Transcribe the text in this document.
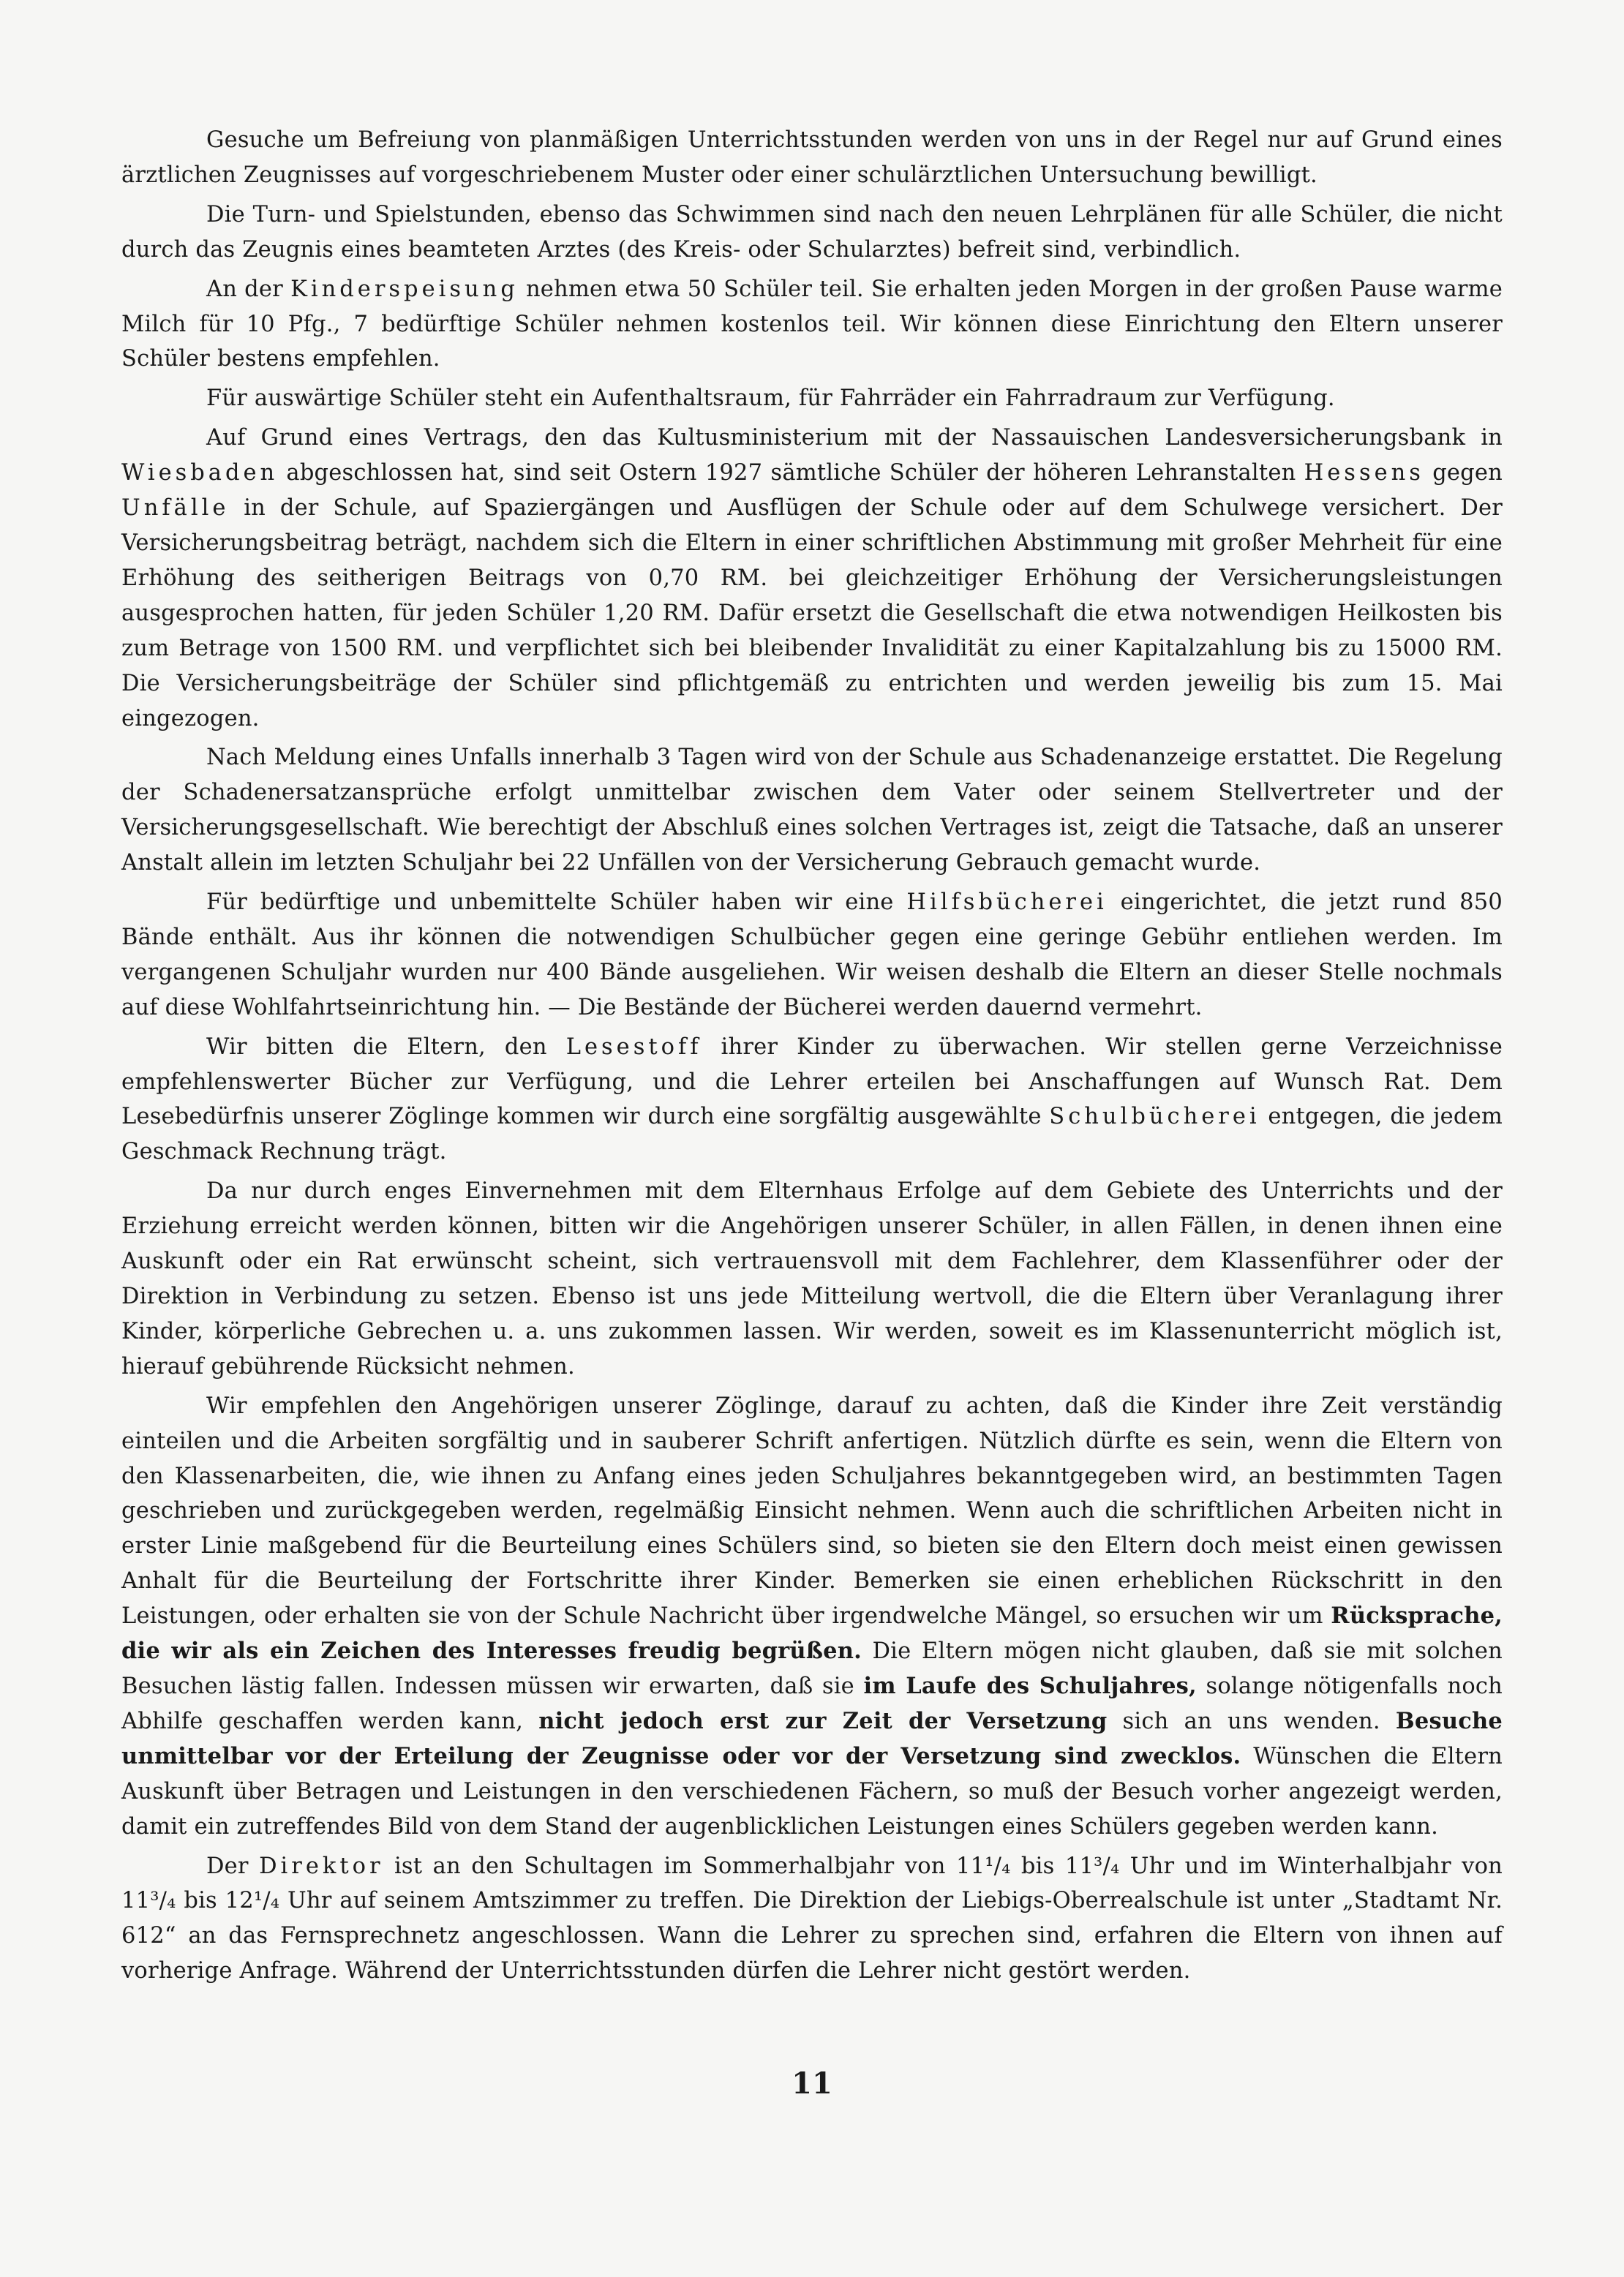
Gesuche um Befreiung von planmäßigen Unterrichtsstunden werden von uns in der Regel nur auf Grund eines ärztlichen Zeugnisses auf vorgeschriebenem Muster oder einer schulärztlichen Untersuchung bewilligt.

Die Turn- und Spielstunden, ebenso das Schwimmen sind nach den neuen Lehrplänen für alle Schüler, die nicht durch das Zeugnis eines beamteten Arztes (des Kreis- oder Schularztes) befreit sind, verbindlich.

An der Kinderspeisung nehmen etwa 50 Schüler teil. Sie erhalten jeden Morgen in der großen Pause warme Milch für 10 Pfg., 7 bedürftige Schüler nehmen kostenlos teil. Wir können diese Einrichtung den Eltern unserer Schüler bestens empfehlen.

Für auswärtige Schüler steht ein Aufenthaltsraum, für Fahrräder ein Fahrradraum zur Verfügung.

Auf Grund eines Vertrags, den das Kultusministerium mit der Nassauischen Landesversicherungsbank in Wiesbaden abgeschlossen hat, sind seit Ostern 1927 sämtliche Schüler der höheren Lehranstalten Hessens gegen Unfälle in der Schule, auf Spaziergängen und Ausflügen der Schule oder auf dem Schulwege versichert. Der Versicherungsbeitrag beträgt, nachdem sich die Eltern in einer schriftlichen Abstimmung mit großer Mehrheit für eine Erhöhung des seitherigen Beitrags von 0,70 RM. bei gleichzeitiger Erhöhung der Versicherungsleistungen ausgesprochen hatten, für jeden Schüler 1,20 RM. Dafür ersetzt die Gesellschaft die etwa notwendigen Heilkosten bis zum Betrage von 1500 RM. und verpflichtet sich bei bleibender Invalidität zu einer Kapitalzahlung bis zu 15000 RM. Die Versicherungsbeiträge der Schüler sind pflichtgemäß zu entrichten und werden jeweilig bis zum 15. Mai eingezogen.

Nach Meldung eines Unfalls innerhalb 3 Tagen wird von der Schule aus Schadenanzeige erstattet. Die Regelung der Schadenersatzansprüche erfolgt unmittelbar zwischen dem Vater oder seinem Stellvertreter und der Versicherungsgesellschaft. Wie berechtigt der Abschluß eines solchen Vertrages ist, zeigt die Tatsache, daß an unserer Anstalt allein im letzten Schuljahr bei 22 Unfällen von der Versicherung Gebrauch gemacht wurde.

Für bedürftige und unbemittelte Schüler haben wir eine Hilfsbücherei eingerichtet, die jetzt rund 850 Bände enthält. Aus ihr können die notwendigen Schulbücher gegen eine geringe Gebühr entliehen werden. Im vergangenen Schuljahr wurden nur 400 Bände ausgeliehen. Wir weisen deshalb die Eltern an dieser Stelle nochmals auf diese Wohlfahrtseinrichtung hin. — Die Bestände der Bücherei werden dauernd vermehrt.

Wir bitten die Eltern, den Lesestoff ihrer Kinder zu überwachen. Wir stellen gerne Verzeichnisse empfehlenswerter Bücher zur Verfügung, und die Lehrer erteilen bei Anschaffungen auf Wunsch Rat. Dem Lesebedürfnis unserer Zöglinge kommen wir durch eine sorgfältig ausgewählte Schulbücherei entgegen, die jedem Geschmack Rechnung trägt.

Da nur durch enges Einvernehmen mit dem Elternhaus Erfolge auf dem Gebiete des Unterrichts und der Erziehung erreicht werden können, bitten wir die Angehörigen unserer Schüler, in allen Fällen, in denen ihnen eine Auskunft oder ein Rat erwünscht scheint, sich vertrauensvoll mit dem Fachlehrer, dem Klassenführer oder der Direktion in Verbindung zu setzen. Ebenso ist uns jede Mitteilung wertvoll, die die Eltern über Veranlagung ihrer Kinder, körperliche Gebrechen u. a. uns zukommen lassen. Wir werden, soweit es im Klassenunterricht möglich ist, hierauf gebührende Rücksicht nehmen.

Wir empfehlen den Angehörigen unserer Zöglinge, darauf zu achten, daß die Kinder ihre Zeit verständig einteilen und die Arbeiten sorgfältig und in sauberer Schrift anfertigen. Nützlich dürfte es sein, wenn die Eltern von den Klassenarbeiten, die, wie ihnen zu Anfang eines jeden Schuljahres bekanntgegeben wird, an bestimmten Tagen geschrieben und zurückgegeben werden, regelmäßig Einsicht nehmen. Wenn auch die schriftlichen Arbeiten nicht in erster Linie maßgebend für die Beurteilung eines Schülers sind, so bieten sie den Eltern doch meist einen gewissen Anhalt für die Beurteilung der Fortschritte ihrer Kinder. Bemerken sie einen erheblichen Rückschritt in den Leistungen, oder erhalten sie von der Schule Nachricht über irgendwelche Mängel, so ersuchen wir um Rücksprache, die wir als ein Zeichen des Interesses freudig begrüßen. Die Eltern mögen nicht glauben, daß sie mit solchen Besuchen lästig fallen. Indessen müssen wir erwarten, daß sie im Laufe des Schuljahres, solange nötigenfalls noch Abhilfe geschaffen werden kann, nicht jedoch erst zur Zeit der Versetzung sich an uns wenden. Besuche unmittelbar vor der Erteilung der Zeugnisse oder vor der Versetzung sind zwecklos. Wünschen die Eltern Auskunft über Betragen und Leistungen in den verschiedenen Fächern, so muß der Besuch vorher angezeigt werden, damit ein zutreffendes Bild von dem Stand der augenblicklichen Leistungen eines Schülers gegeben werden kann.

Der Direktor ist an den Schultagen im Sommerhalbjahr von 11¹/₄ bis 11³/₄ Uhr und im Winterhalbjahr von 11³/₄ bis 12¹/₄ Uhr auf seinem Amtszimmer zu treffen. Die Direktion der Liebigs-Oberrealschule ist unter „Stadtamt Nr. 612“ an das Fernsprechnetz angeschlossen. Wann die Lehrer zu sprechen sind, erfahren die Eltern von ihnen auf vorherige Anfrage. Während der Unterrichtsstunden dürfen die Lehrer nicht gestört werden.

11
